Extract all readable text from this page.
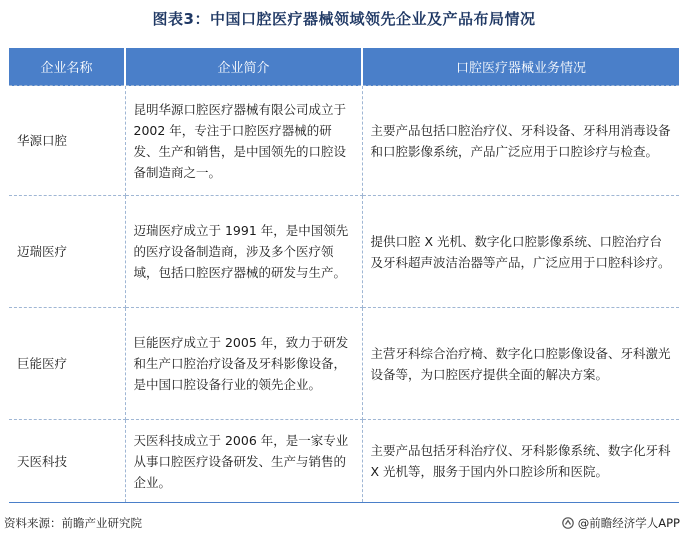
图表3：中国口腔医疗器械领域领先企业及产品布局情况
企业名称	企业简介	口腔医疗器械业务情况
华源口腔	昆明华源口腔医疗器械有限公司成立于 2002 年，专注于口腔医疗器械的研发、生产和销售，是中国领先的口腔设备制造商之一。	主要产品包括口腔治疗仪、牙科设备、牙科用消毒设备和口腔影像系统，产品广泛应用于口腔诊疗与检查。
迈瑞医疗	迈瑞医疗成立于 1991 年，是中国领先的医疗设备制造商，涉及多个医疗领域，包括口腔医疗器械的研发与生产。	提供口腔 X 光机、数字化口腔影像系统、口腔治疗台及牙科超声波洁治器等产品，广泛应用于口腔科诊疗。
巨能医疗	巨能医疗成立于 2005 年，致力于研发和生产口腔治疗设备及牙科影像设备，是中国口腔设备行业的领先企业。	主营牙科综合治疗椅、数字化口腔影像设备、牙科激光设备等，为口腔医疗提供全面的解决方案。
天医科技	天医科技成立于 2006 年，是一家专业从事口腔医疗设备研发、生产与销售的企业。	主要产品包括牙科治疗仪、牙科影像系统、数字化牙科 X 光机等，服务于国内外口腔诊所和医院。
资料来源：前瞻产业研究院	@前瞻经济学人APP
